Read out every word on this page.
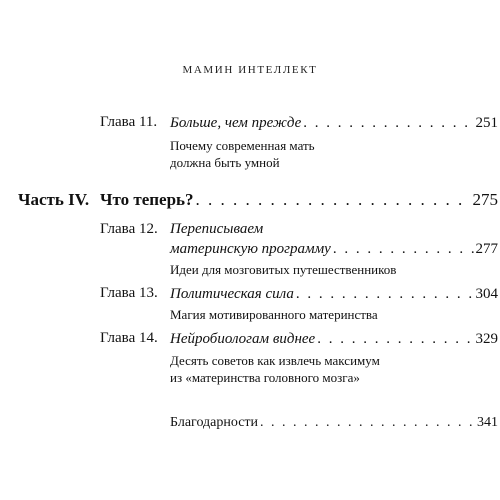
МАМИН ИНТЕЛЛЕКТ
Глава 11. Больше, чем прежде . . .	251
Почему современная мать
должна быть умной
Часть IV. Что теперь? . . .	275
Глава 12. Переписываем
материнскую программу . . .	277
Идеи для мозговитых путешественников
Глава 13. Политическая сила . . .	304
Магия мотивированного материнства
Глава 14. Нейробиологам виднее . . .	329
Десять советов как извлечь максимум
из «материнства головного мозга»
Благодарности . . .	341
